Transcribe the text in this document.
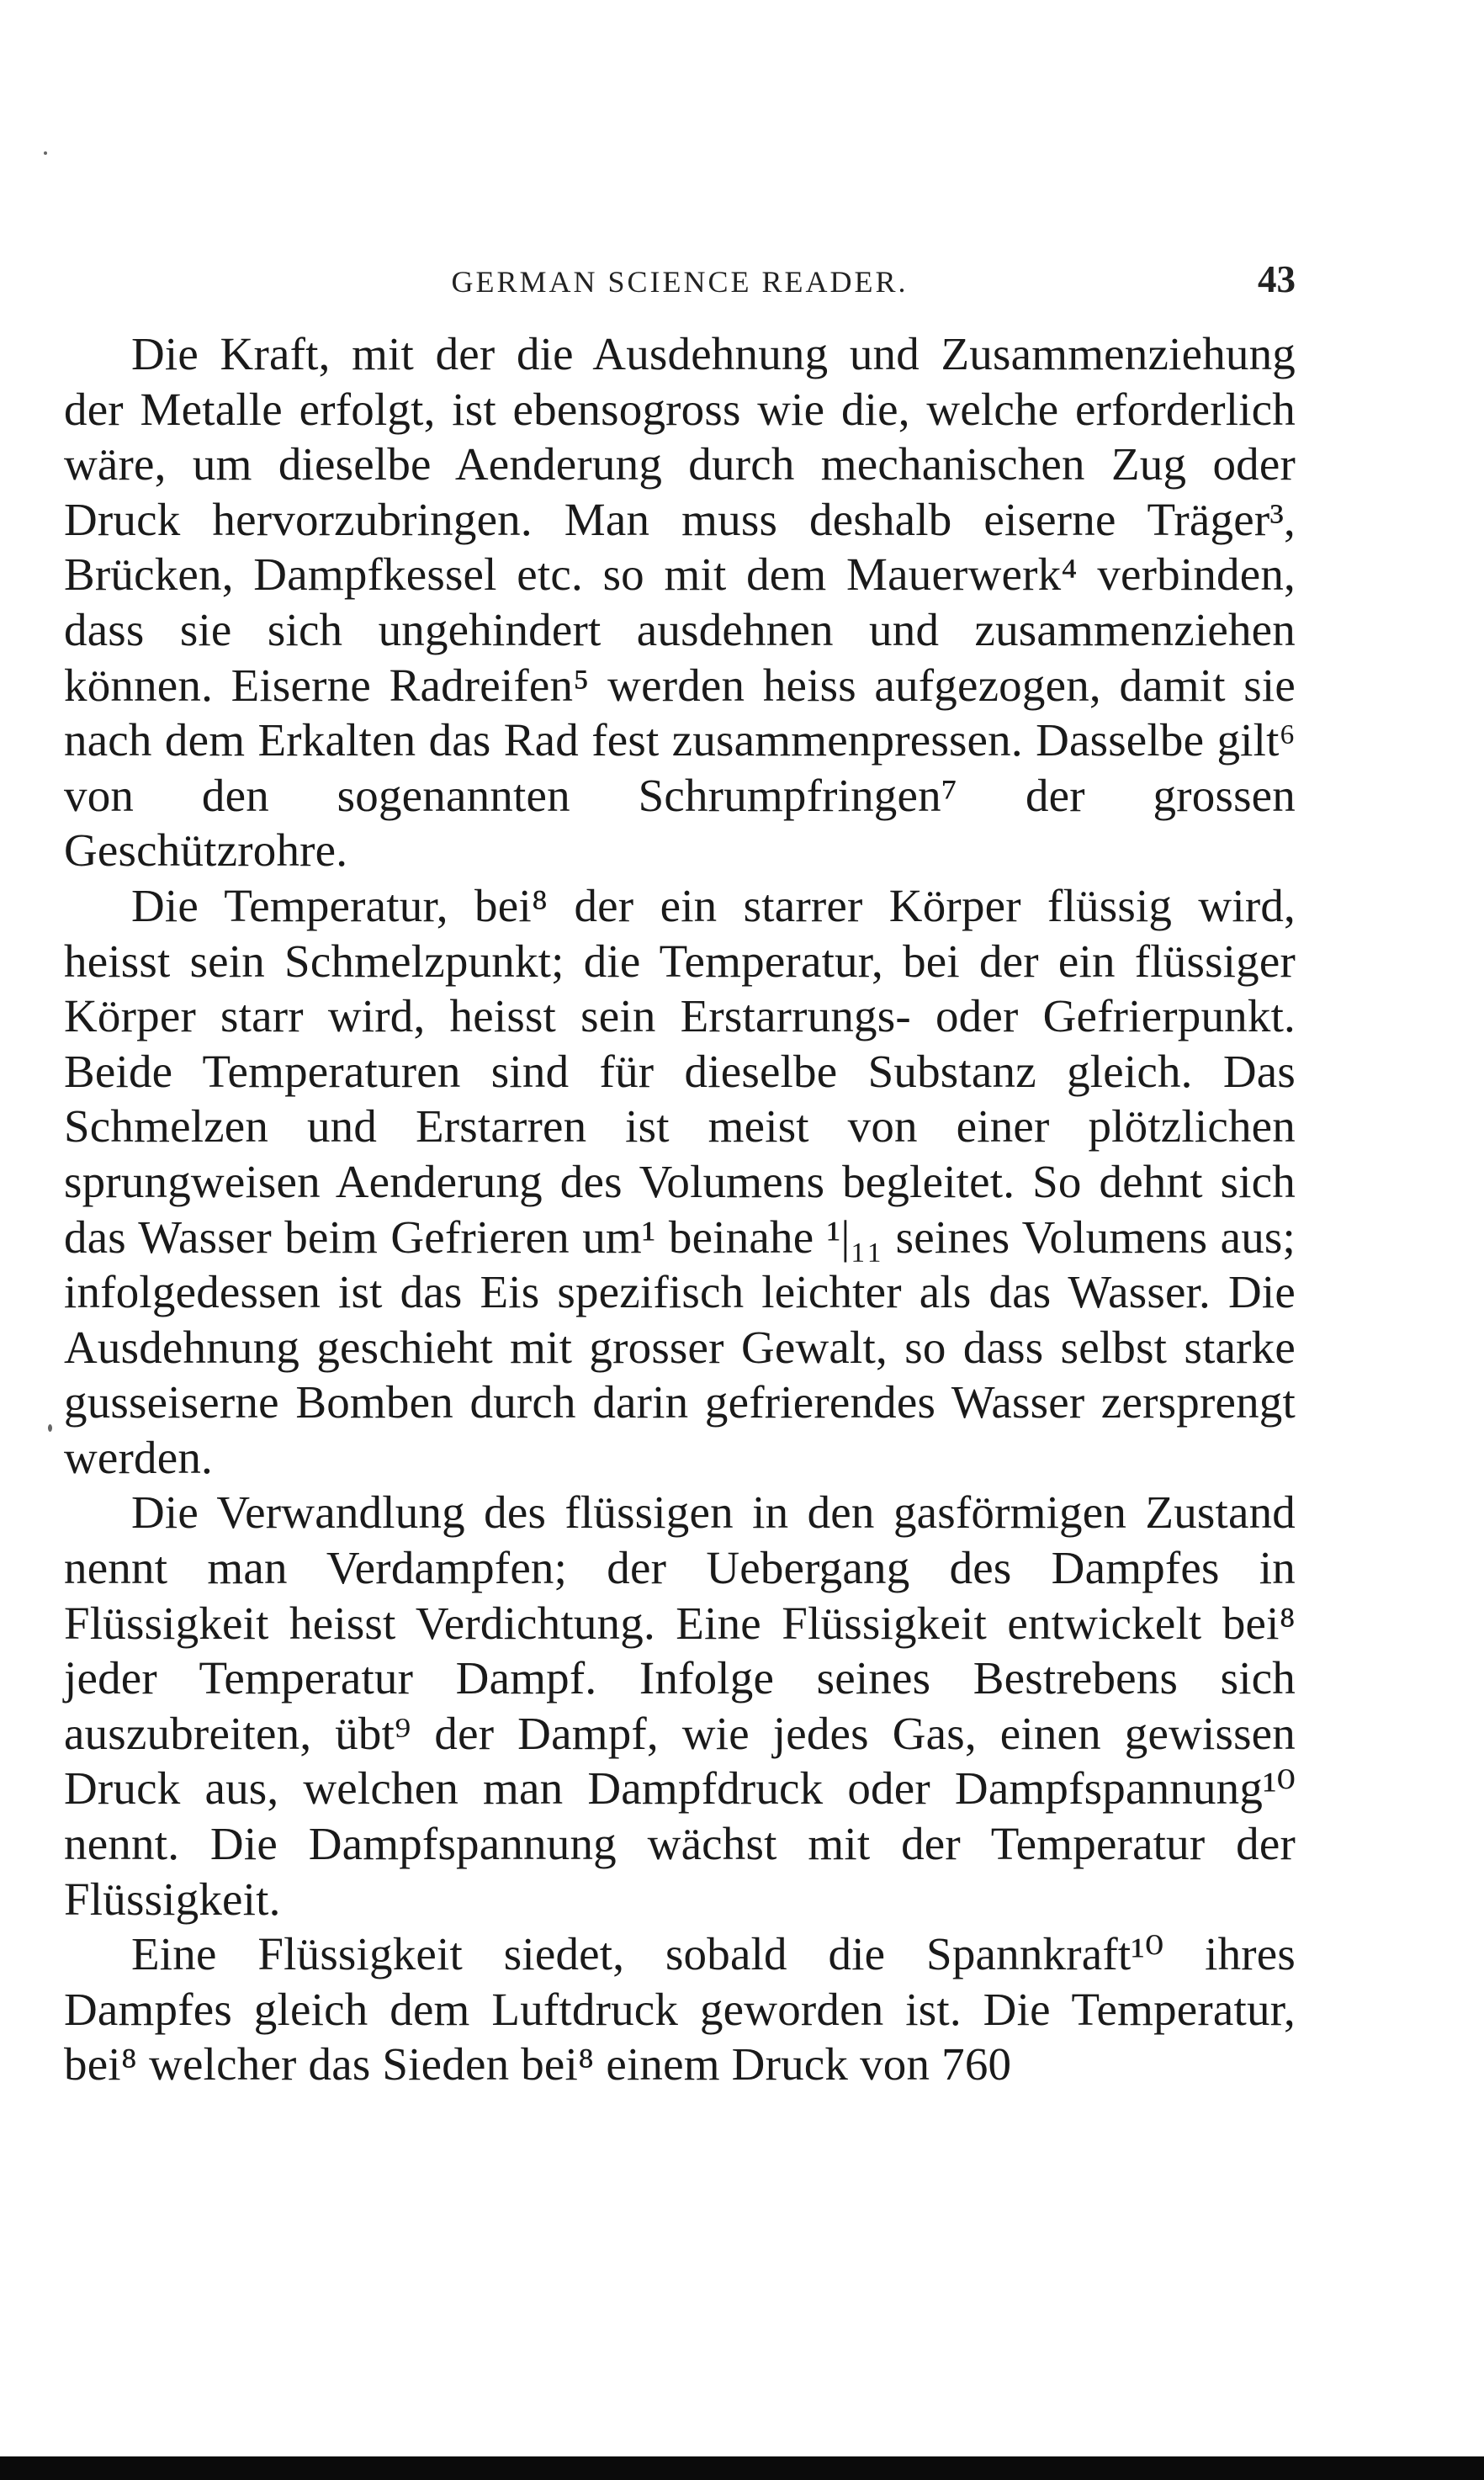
GERMAN SCIENCE READER.	43

Die Kraft, mit der die Ausdehnung und Zusammenziehung der Metalle erfolgt, ist ebensogross wie die, welche erforderlich wäre, um dieselbe Aenderung durch mechanischen Zug oder Druck hervorzubringen. Man muss deshalb eiserne Träger³, Brücken, Dampfkessel etc. so mit dem Mauerwerk⁴ verbinden, dass sie sich ungehindert ausdehnen und zusammenziehen können. Eiserne Radreifen⁵ werden heiss aufgezogen, damit sie nach dem Erkalten das Rad fest zusammenpressen. Dasselbe gilt⁶ von den sogenannten Schrumpfringen⁷ der grossen Geschützrohre.

Die Temperatur, bei⁸ der ein starrer Körper flüssig wird, heisst sein Schmelzpunkt; die Temperatur, bei der ein flüssiger Körper starr wird, heisst sein Erstarrungs- oder Gefrierpunkt. Beide Temperaturen sind für dieselbe Substanz gleich. Das Schmelzen und Erstarren ist meist von einer plötzlichen sprungweisen Aenderung des Volumens begleitet. So dehnt sich das Wasser beim Gefrieren um¹ beinahe ¹|₁₁ seines Volumens aus; infolgedessen ist das Eis spezifisch leichter als das Wasser. Die Ausdehnung geschieht mit grosser Gewalt, so dass selbst starke gusseiserne Bomben durch darin gefrierendes Wasser zersprengt werden.

Die Verwandlung des flüssigen in den gasförmigen Zustand nennt man Verdampfen; der Uebergang des Dampfes in Flüssigkeit heisst Verdichtung. Eine Flüssigkeit entwickelt bei⁸ jeder Temperatur Dampf. Infolge seines Bestrebens sich auszubreiten, übt⁹ der Dampf, wie jedes Gas, einen gewissen Druck aus, welchen man Dampfdruck oder Dampfspannung¹⁰ nennt. Die Dampfspannung wächst mit der Temperatur der Flüssigkeit.

Eine Flüssigkeit siedet, sobald die Spannkraft¹⁰ ihres Dampfes gleich dem Luftdruck geworden ist. Die Temperatur, bei⁸ welcher das Sieden bei⁸ einem Druck von 760
